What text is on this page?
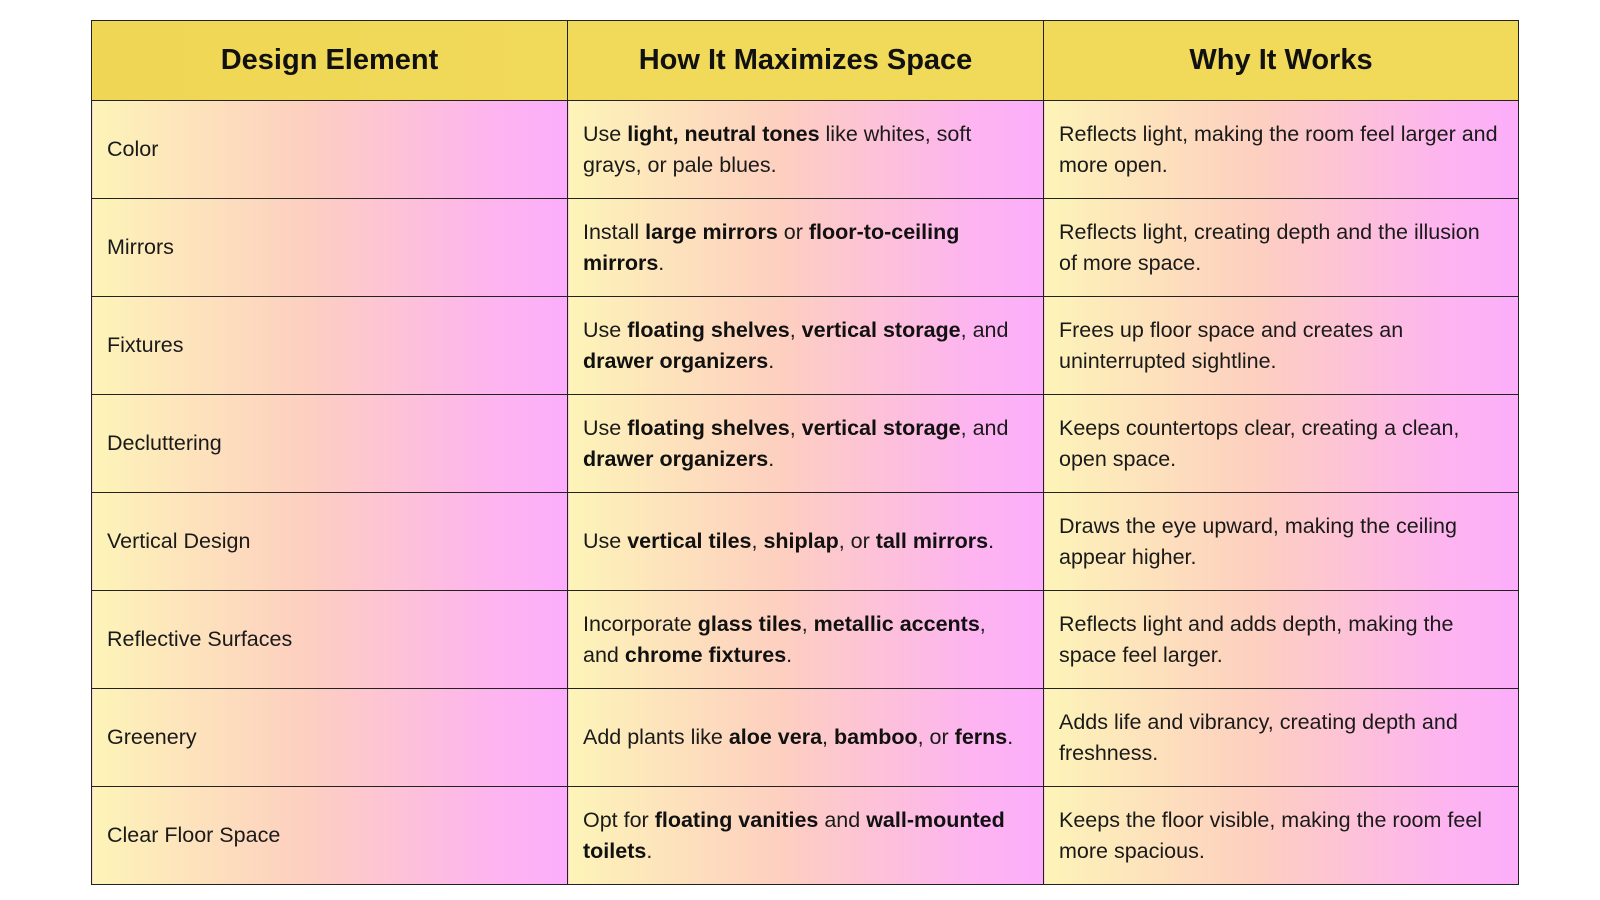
Design Element	How It Maximizes Space	Why It Works
Color	Use light, neutral tones like whites, soft grays, or pale blues.	Reflects light, making the room feel larger and more open.
Mirrors	Install large mirrors or floor-to-ceiling mirrors.	Reflects light, creating depth and the illusion of more space.
Fixtures	Use floating shelves, vertical storage, and drawer organizers.	Frees up floor space and creates an uninterrupted sightline.
Decluttering	Use floating shelves, vertical storage, and drawer organizers.	Keeps countertops clear, creating a clean, open space.
Vertical Design	Use vertical tiles, shiplap, or tall mirrors.	Draws the eye upward, making the ceiling appear higher.
Reflective Surfaces	Incorporate glass tiles, metallic accents, and chrome fixtures.	Reflects light and adds depth, making the space feel larger.
Greenery	Add plants like aloe vera, bamboo, or ferns.	Adds life and vibrancy, creating depth and freshness.
Clear Floor Space	Opt for floating vanities and wall-mounted toilets.	Keeps the floor visible, making the room feel more spacious.
